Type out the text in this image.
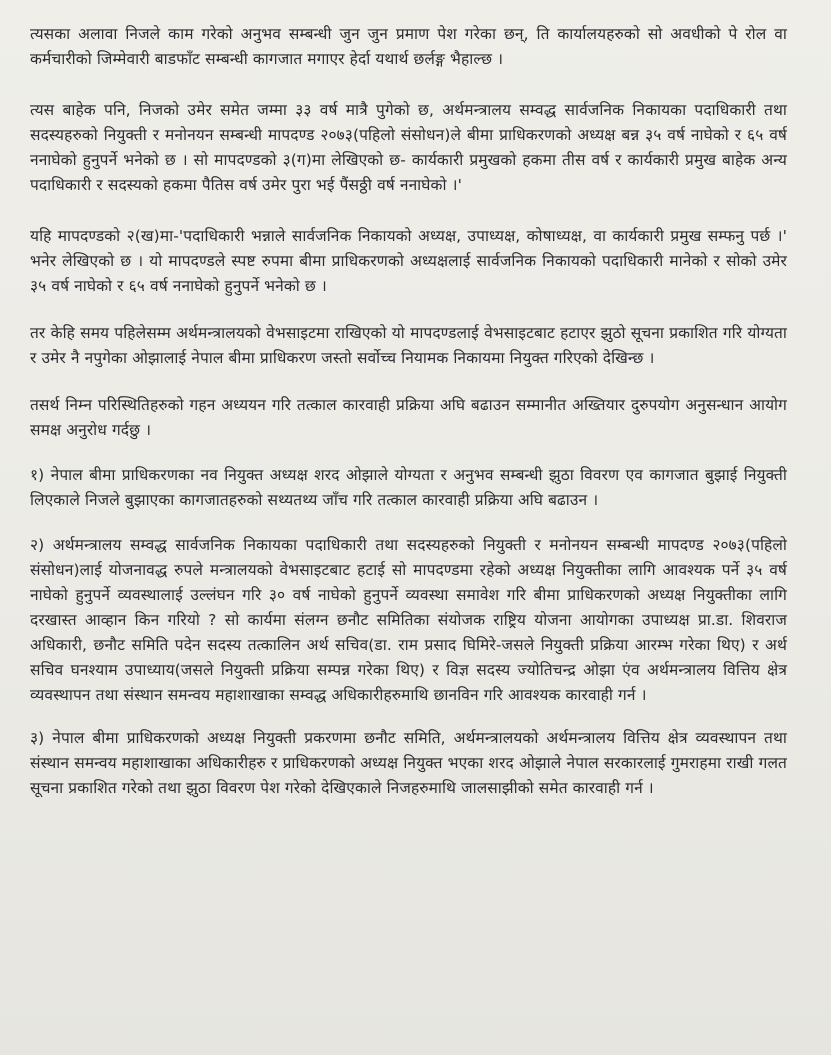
त्यसका अलावा निजले काम गरेको अनुभव सम्बन्धी जुन जुन प्रमाण पेश गरेका छन्, ति कार्यालयहरुको सो अवधीको पे रोल वा कर्मचारीको जिम्मेवारी बाडफाँट सम्बन्धी कागजात मगाएर हेर्दा यथार्थ छर्लङ्ग भैहाल्छ ।

त्यस बाहेक पनि, निजको उमेर समेत जम्मा ३३ वर्ष मात्रै पुगेको छ, अर्थमन्त्रालय सम्वद्ध सार्वजनिक निकायका पदाधिकारी तथा सदस्यहरुको नियुक्ती र मनोनयन सम्बन्धी मापदण्ड २०७३(पहिलो संसोधन)ले बीमा प्राधिकरणको अध्यक्ष बन्न ३५ वर्ष नाघेको र ६५ वर्ष ननाघेको हुनुपर्ने भनेको छ । सो मापदण्डको ३(ग)मा लेखिएको छ- कार्यकारी प्रमुखको हकमा तीस वर्ष र कार्यकारी प्रमुख बाहेक अन्य पदाधिकारी र सदस्यको हकमा पैतिस वर्ष उमेर पुरा भई पैंसठ्ठी वर्ष ननाघेको ।'

यहि मापदण्डको २(ख)मा-'पदाधिकारी भन्नाले सार्वजनिक निकायको अध्यक्ष, उपाध्यक्ष, कोषाध्यक्ष, वा कार्यकारी प्रमुख सम्फनु पर्छ ।' भनेर लेखिएको छ । यो मापदण्डले स्पष्ट रुपमा बीमा प्राधिकरणको अध्यक्षलाई सार्वजनिक निकायको पदाधिकारी मानेको र सोको उमेर ३५ वर्ष नाघेको र ६५ वर्ष ननाघेको हुनुपर्ने भनेको छ ।

तर केहि समय पहिलेसम्म अर्थमन्त्रालयको वेभसाइटमा राखिएको यो मापदण्डलाई वेभसाइटबाट हटाएर झुठो सूचना प्रकाशित गरि योग्यता र उमेर नै नपुगेका ओझालाई नेपाल बीमा प्राधिकरण जस्तो सर्वोच्च नियामक निकायमा नियुक्त गरिएको देखिन्छ ।

तसर्थ निम्न परिस्थितिहरुको गहन अध्ययन गरि तत्काल कारवाही प्रक्रिया अघि बढाउन सम्मानीत अख्तियार दुरुपयोग अनुसन्धान आयोग समक्ष अनुरोध गर्दछु ।

१) नेपाल बीमा प्राधिकरणका नव नियुक्त अध्यक्ष शरद ओझाले योग्यता र अनुभव सम्बन्धी झुठा विवरण एव कागजात बुझाई नियुक्ती लिएकाले निजले बुझाएका कागजातहरुको सथ्यतथ्य जाँच गरि तत्काल कारवाही प्रक्रिया अघि बढाउन ।

२) अर्थमन्त्रालय सम्वद्ध सार्वजनिक निकायका पदाधिकारी तथा सदस्यहरुको नियुक्ती र मनोनयन सम्बन्धी मापदण्ड २०७३(पहिलो संसोधन)लाई योजनावद्ध रुपले मन्त्रालयको वेभसाइटबाट हटाई सो मापदण्डमा रहेको अध्यक्ष नियुक्तीका लागि आवश्यक पर्ने ३५ वर्ष नाघेको हुनुपर्ने व्यवस्थालाई उल्लंघन गरि ३० वर्ष नाघेको हुनुपर्ने व्यवस्था समावेश गरि बीमा प्राधिकरणको अध्यक्ष नियुक्तीका लागि दरखास्त आव्हान किन गरियो ? सो कार्यमा संलग्न छनौट समितिका संयोजक राष्ट्रिय योजना आयोगका उपाध्यक्ष प्रा.डा. शिवराज अधिकारी, छनौट समिति पदेन सदस्य तत्कालिन अर्थ सचिव(डा. राम प्रसाद घिमिरे-जसले नियुक्ती प्रक्रिया आरम्भ गरेका थिए) र अर्थ सचिव घनश्याम उपाध्याय(जसले नियुक्ती प्रक्रिया सम्पन्न गरेका थिए) र विज्ञ सदस्य ज्योतिचन्द्र ओझा एंव अर्थमन्त्रालय वित्तिय क्षेत्र व्यवस्थापन तथा संस्थान समन्वय महाशाखाका सम्वद्ध अधिकारीहरुमाथि छानविन गरि आवश्यक कारवाही गर्न ।

३) नेपाल बीमा प्राधिकरणको अध्यक्ष नियुक्ती प्रकरणमा छनौट समिति, अर्थमन्त्रालयको अर्थमन्त्रालय वित्तिय क्षेत्र व्यवस्थापन तथा संस्थान समन्वय महाशाखाका अधिकारीहरु र प्राधिकरणको अध्यक्ष नियुक्त भएका शरद ओझाले नेपाल सरकारलाई गुमराहमा राखी गलत सूचना प्रकाशित गरेको तथा झुठा विवरण पेश गरेको देखिएकाले निजहरुमाथि जालसाझीको समेत कारवाही गर्न ।
